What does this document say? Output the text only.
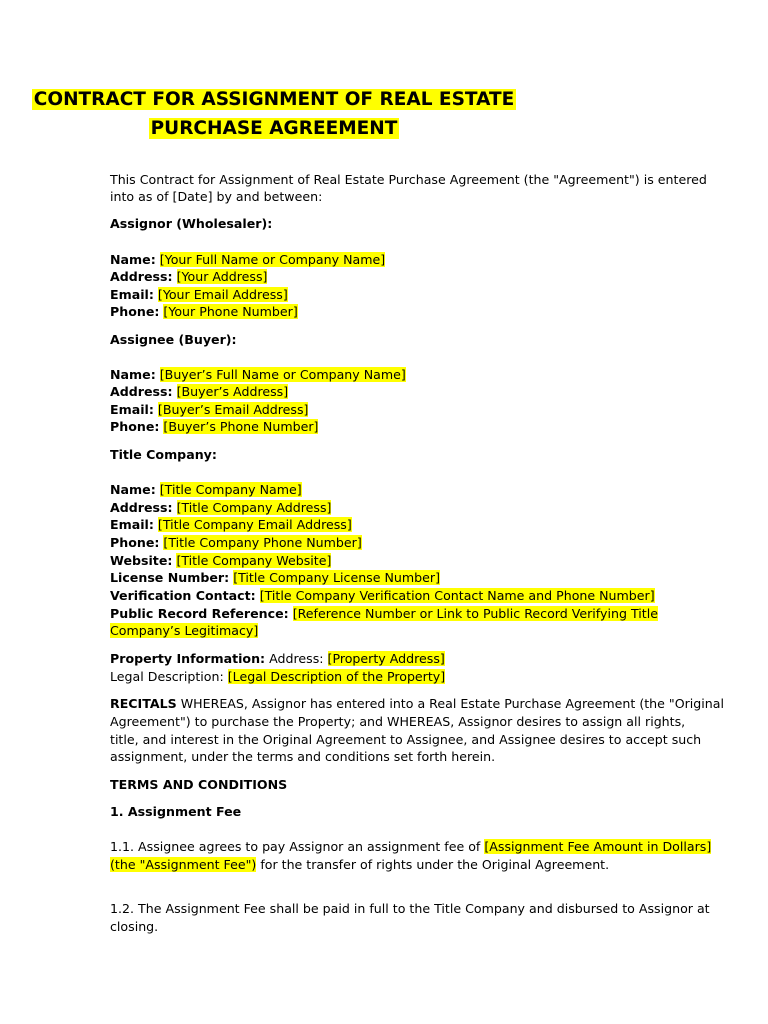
CONTRACT FOR ASSIGNMENT OF REAL ESTATE
PURCHASE AGREEMENT
This Contract for Assignment of Real Estate Purchase Agreement (the "Agreement") is entered
into as of [Date] by and between:
Assignor (Wholesaler):
Name: [Your Full Name or Company Name]
Address: [Your Address]
Email: [Your Email Address]
Phone: [Your Phone Number]
Assignee (Buyer):
Name: [Buyer’s Full Name or Company Name]
Address: [Buyer’s Address]
Email: [Buyer’s Email Address]
Phone: [Buyer’s Phone Number]
Title Company:
Name: [Title Company Name]
Address: [Title Company Address]
Email: [Title Company Email Address]
Phone: [Title Company Phone Number]
Website: [Title Company Website]
License Number: [Title Company License Number]
Verification Contact: [Title Company Verification Contact Name and Phone Number]
Public Record Reference: [Reference Number or Link to Public Record Verifying Title
Company’s Legitimacy]
Property Information: Address: [Property Address]
Legal Description: [Legal Description of the Property]
RECITALS WHEREAS, Assignor has entered into a Real Estate Purchase Agreement (the "Original
Agreement") to purchase the Property; and WHEREAS, Assignor desires to assign all rights,
title, and interest in the Original Agreement to Assignee, and Assignee desires to accept such
assignment, under the terms and conditions set forth herein.
TERMS AND CONDITIONS
1. Assignment Fee
1.1. Assignee agrees to pay Assignor an assignment fee of [Assignment Fee Amount in Dollars]
(the "Assignment Fee") for the transfer of rights under the Original Agreement.
1.2. The Assignment Fee shall be paid in full to the Title Company and disbursed to Assignor at
closing.
